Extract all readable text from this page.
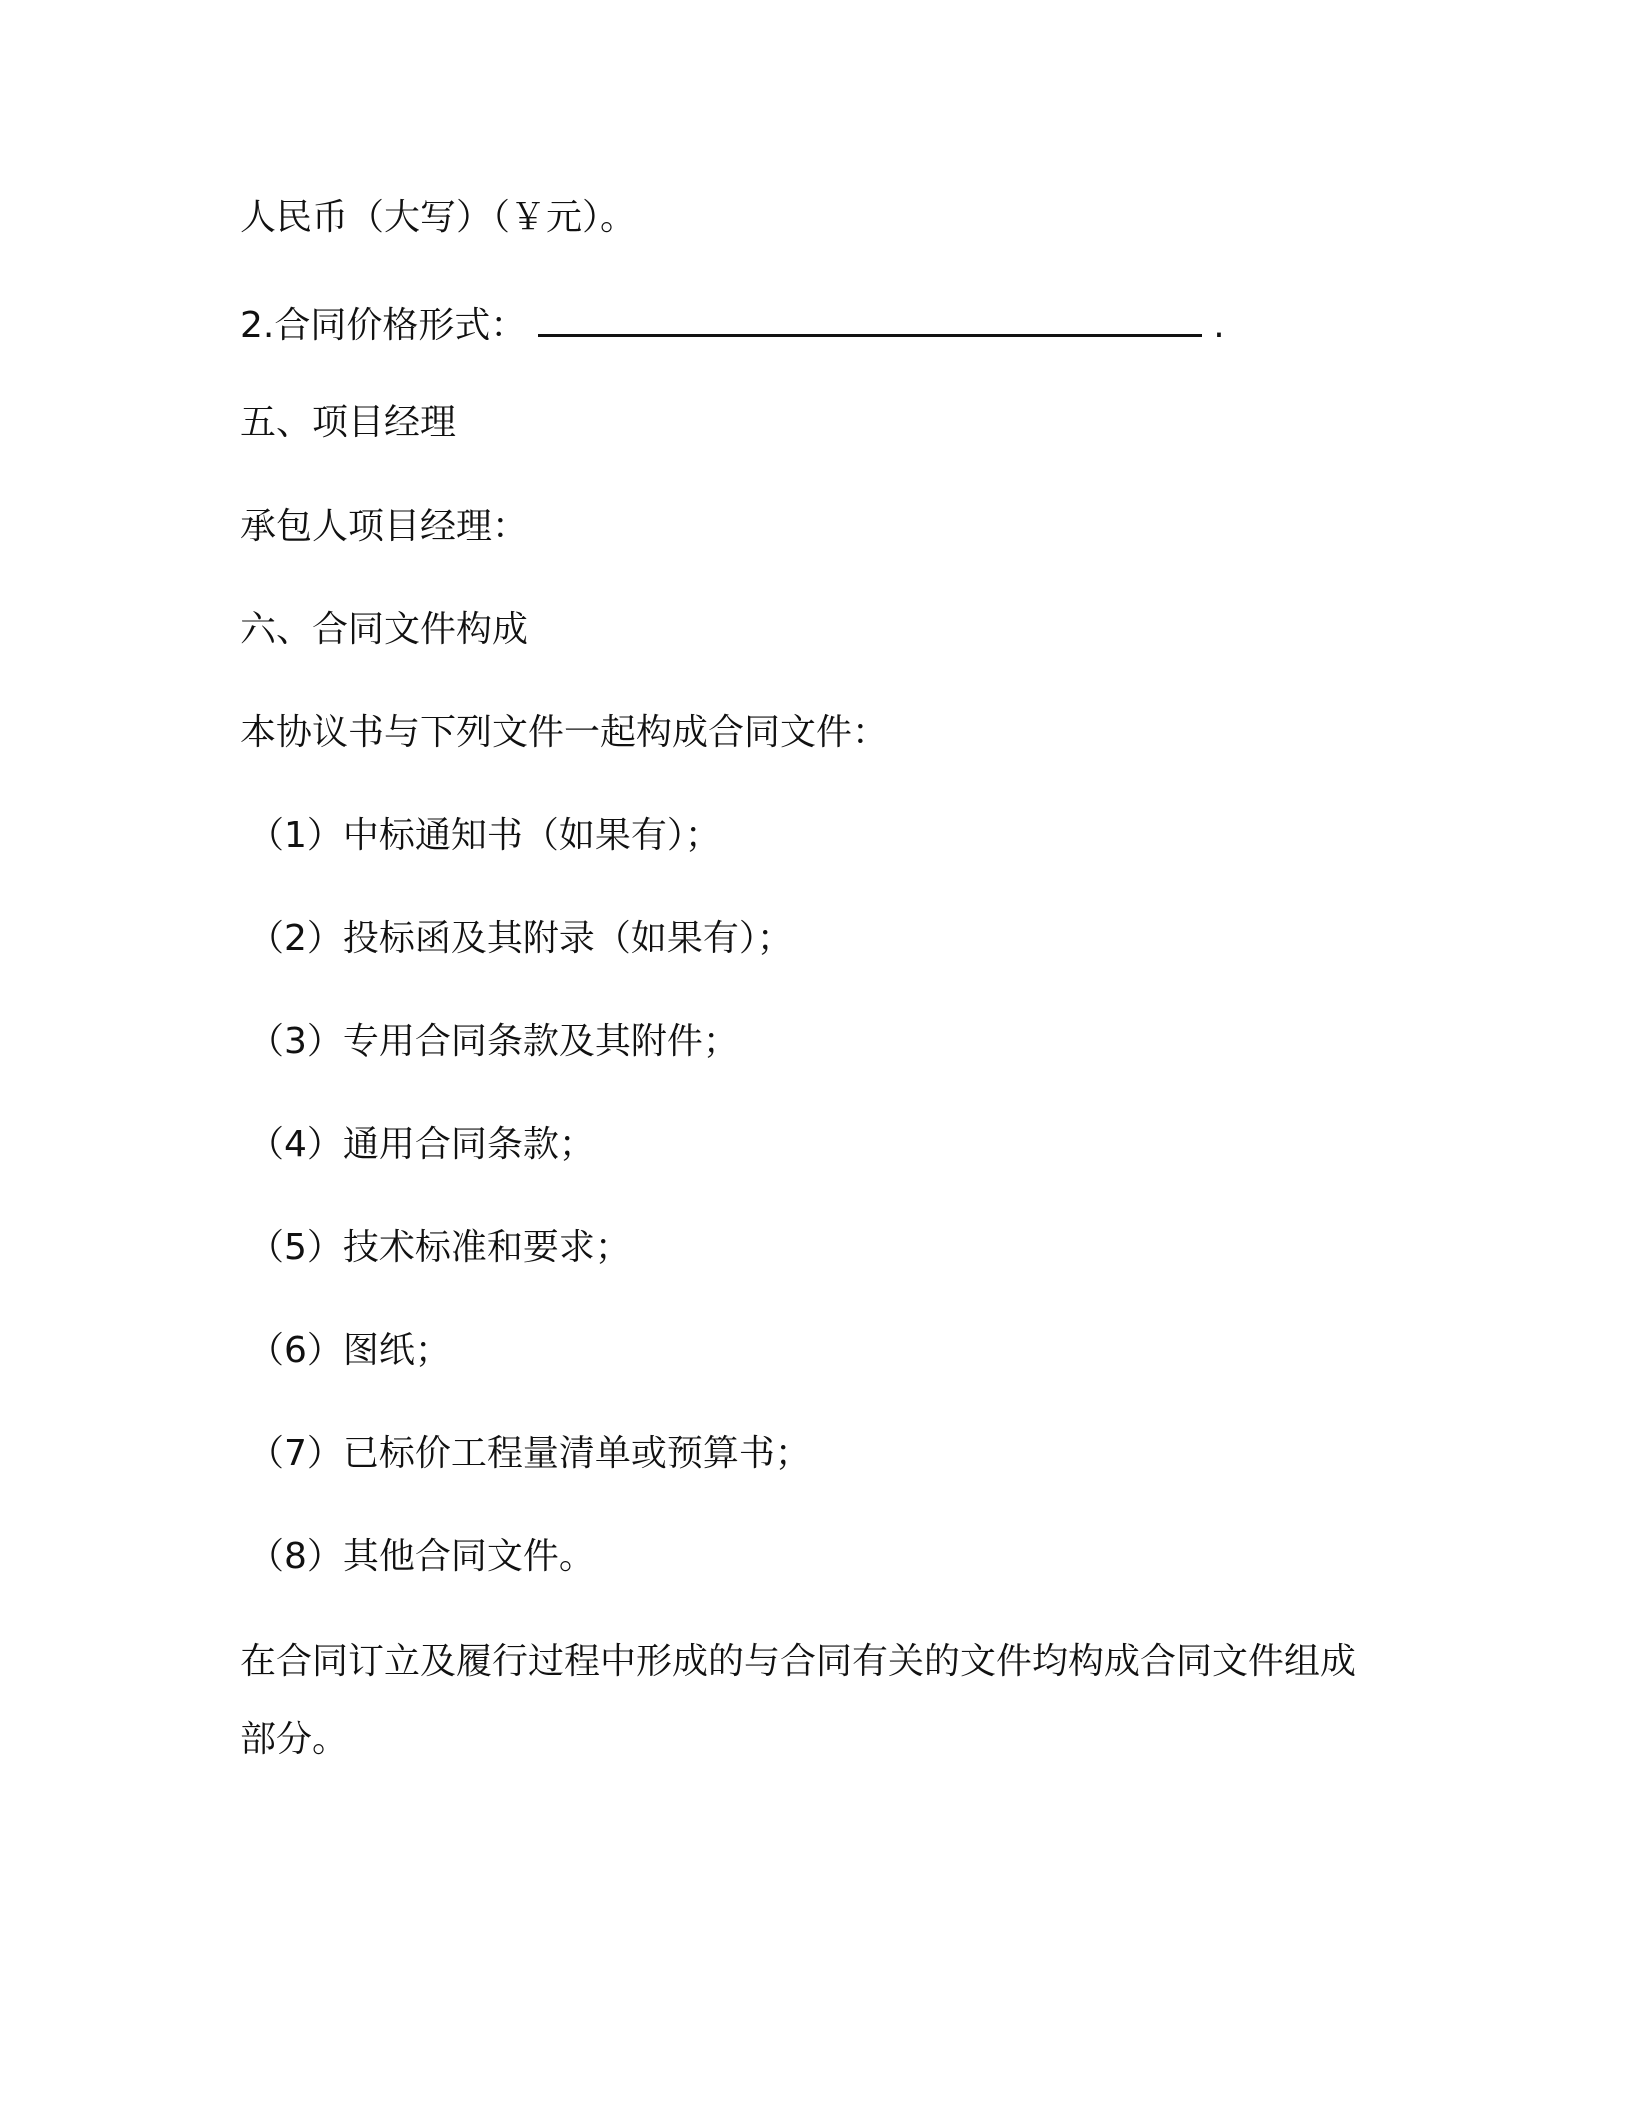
人民币（大写）（￥元）。
2.合同价格形式：	.
五、项目经理
承包人项目经理：
六、合同文件构成
本协议书与下列文件一起构成合同文件：
（1）中标通知书（如果有）；
（2）投标函及其附录（如果有）；
（3）专用合同条款及其附件；
（4）通用合同条款；
（5）技术标准和要求；
（6）图纸；
（7）已标价工程量清单或预算书；
（8）其他合同文件。
在合同订立及履行过程中形成的与合同有关的文件均构成合同文件组成部分。
